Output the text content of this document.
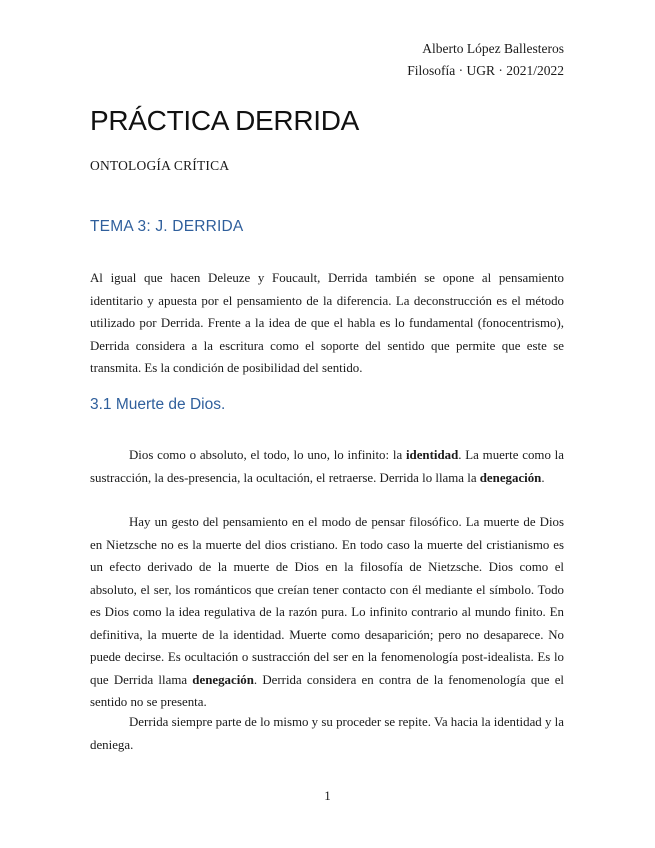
Alberto López Ballesteros
Filosofía · UGR · 2021/2022
PRÁCTICA DERRIDA

ONTOLOGÍA CRÍTICA

TEMA 3: J. DERRIDA

Al igual que hacen Deleuze y Foucault, Derrida también se opone al pensamiento identitario y apuesta por el pensamiento de la diferencia. La deconstrucción es el método utilizado por Derrida. Frente a la idea de que el habla es lo fundamental (fonocentrismo), Derrida considera a la escritura como el soporte del sentido que permite que este se transmita. Es la condición de posibilidad del sentido.

3.1 Muerte de Dios.

Dios como o absoluto, el todo, lo uno, lo infinito: la identidad. La muerte como la sustracción, la des-presencia, la ocultación, el retraerse. Derrida lo llama la denegación.

Hay un gesto del pensamiento en el modo de pensar filosófico. La muerte de Dios en Nietzsche no es la muerte del dios cristiano. En todo caso la muerte del cristianismo es un efecto derivado de la muerte de Dios en la filosofía de Nietzsche. Dios como el absoluto, el ser, los románticos que creían tener contacto con él mediante el símbolo. Todo es Dios como la idea regulativa de la razón pura. Lo infinito contrario al mundo finito. En definitiva, la muerte de la identidad. Muerte como desaparición; pero no desaparece. No puede decirse. Es ocultación o sustracción del ser en la fenomenología post-idealista. Es lo que Derrida llama denegación. Derrida considera en contra de la fenomenología que el sentido no se presenta.

Derrida siempre parte de lo mismo y su proceder se repite. Va hacia la identidad y la deniega.

1
